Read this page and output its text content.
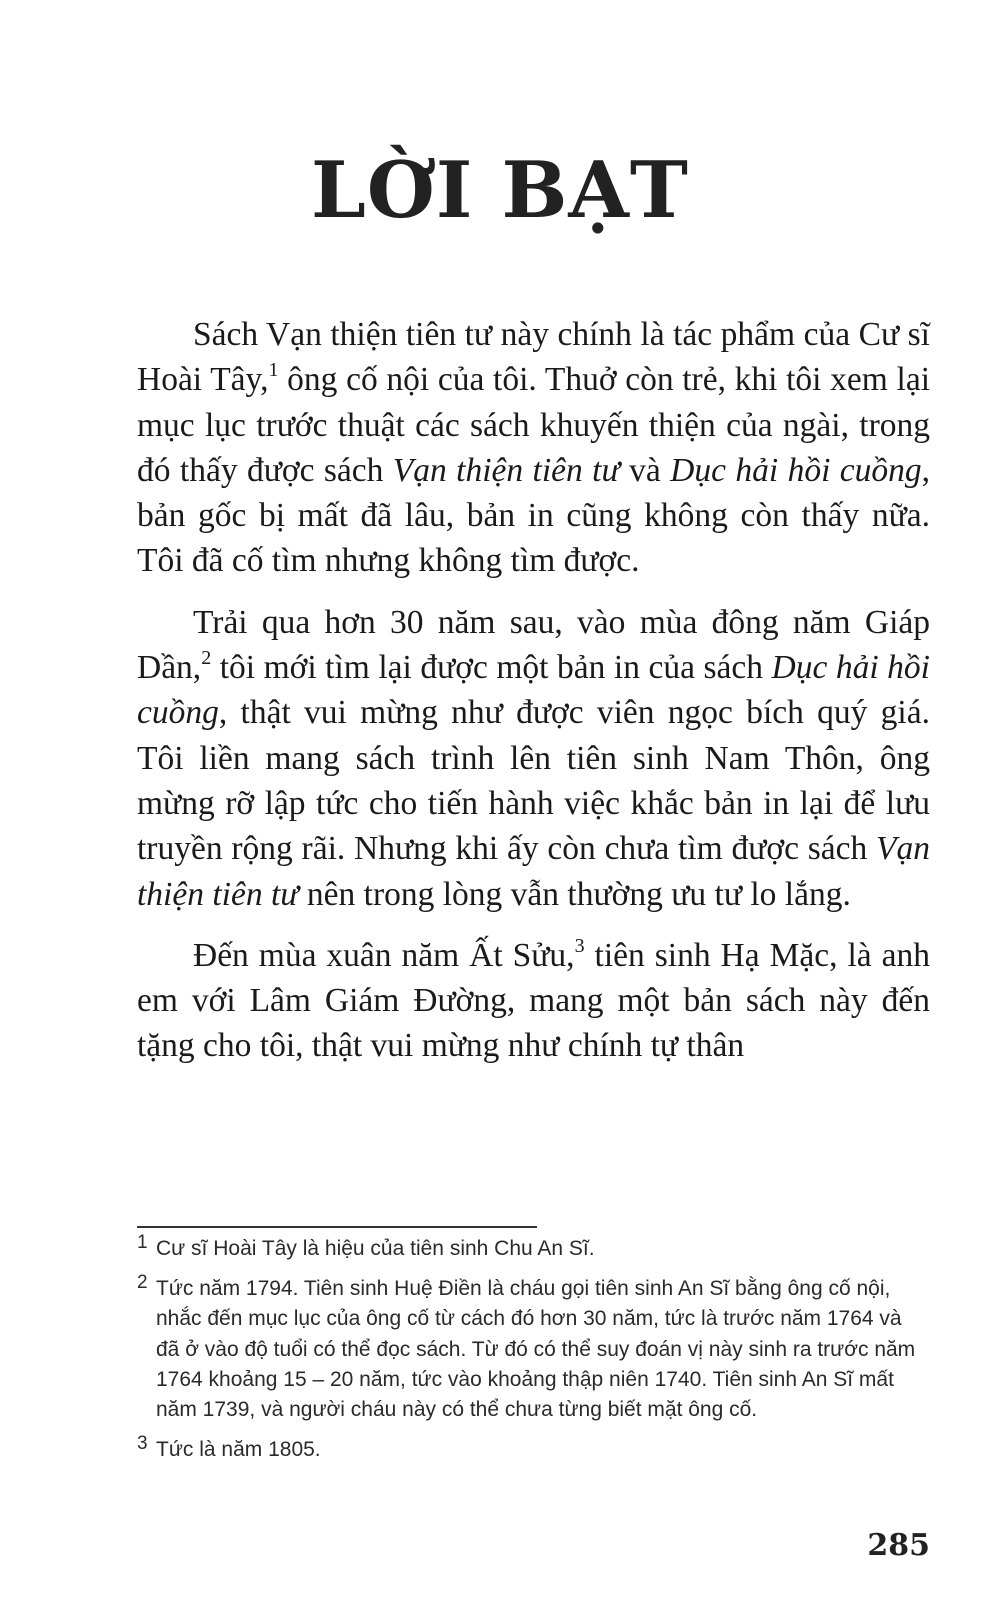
LỜI BẠT

Sách Vạn thiện tiên tư này chính là tác phẩm của Cư sĩ Hoài Tây,$^1$ ông cố nội của tôi. Thuở còn trẻ, khi tôi xem lại mục lục trước thuật các sách khuyến thiện của ngài, trong đó thấy được sách Vạn thiện tiên tư và Dục hải hồi cuồng, bản gốc bị mất đã lâu, bản in cũng không còn thấy nữa. Tôi đã cố tìm nhưng không tìm được.

Trải qua hơn 30 năm sau, vào mùa đông năm Giáp Dần,$^2$ tôi mới tìm lại được một bản in của sách Dục hải hồi cuồng, thật vui mừng như được viên ngọc bích quý giá. Tôi liền mang sách trình lên tiên sinh Nam Thôn, ông mừng rỡ lập tức cho tiến hành việc khắc bản in lại để lưu truyền rộng rãi. Nhưng khi ấy còn chưa tìm được sách Vạn thiện tiên tư nên trong lòng vẫn thường ưu tư lo lắng.

Đến mùa xuân năm Ất Sửu,$^3$ tiên sinh Hạ Mặc, là anh em với Lâm Giám Đường, mang một bản sách này đến tặng cho tôi, thật vui mừng như chính tự thân

1 Cư sĩ Hoài Tây là hiệu của tiên sinh Chu An Sĩ.
2 Tức năm 1794. Tiên sinh Huệ Điền là cháu gọi tiên sinh An Sĩ bằng ông cố nội, nhắc đến mục lục của ông cố từ cách đó hơn 30 năm, tức là trước năm 1764 và đã ở vào độ tuổi có thể đọc sách. Từ đó có thể suy đoán vị này sinh ra trước năm 1764 khoảng 15 – 20 năm, tức vào khoảng thập niên 1740. Tiên sinh An Sĩ mất năm 1739, và người cháu này có thể chưa từng biết mặt ông cố.
3 Tức là năm 1805.
285
